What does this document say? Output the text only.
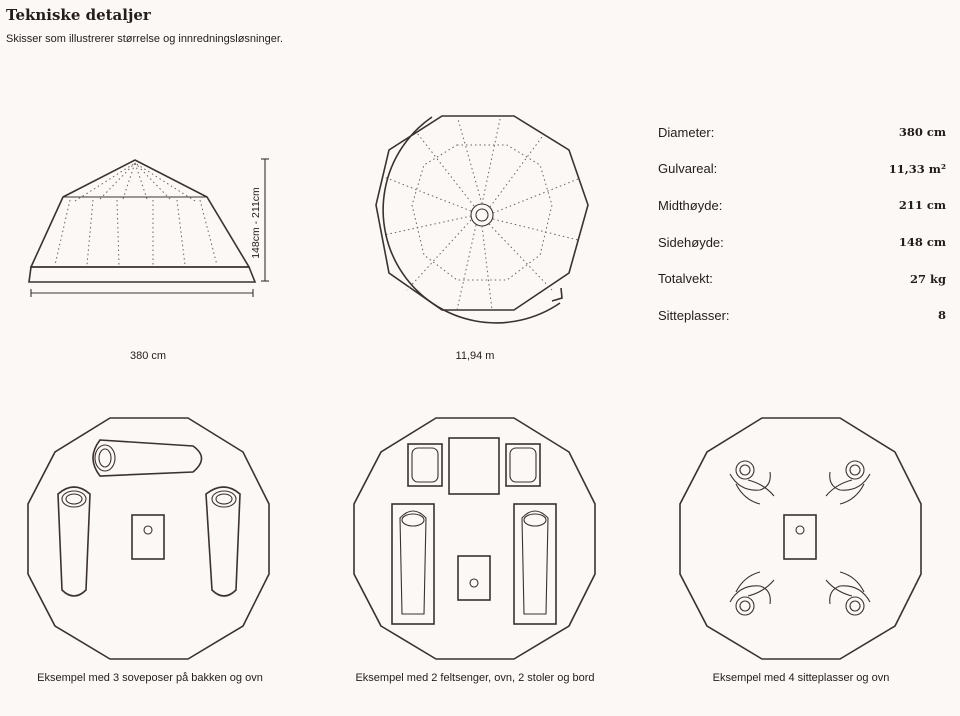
Tekniske detaljer
Skisser som illustrerer størrelse og innredningsløsninger.
148cm - 211cm
380 cm	11,94 m
Diameter:	380 cm
Gulvareal:	11,33 m²
Midthøyde:	211 cm
Sidehøyde:	148 cm
Totalvekt:	27 kg
Sitteplasser:	8
Eksempel med 3 soveposer på bakken og ovn	Eksempel med 2 feltsenger, ovn, 2 stoler og bord	Eksempel med 4 sitteplasser og ovn
